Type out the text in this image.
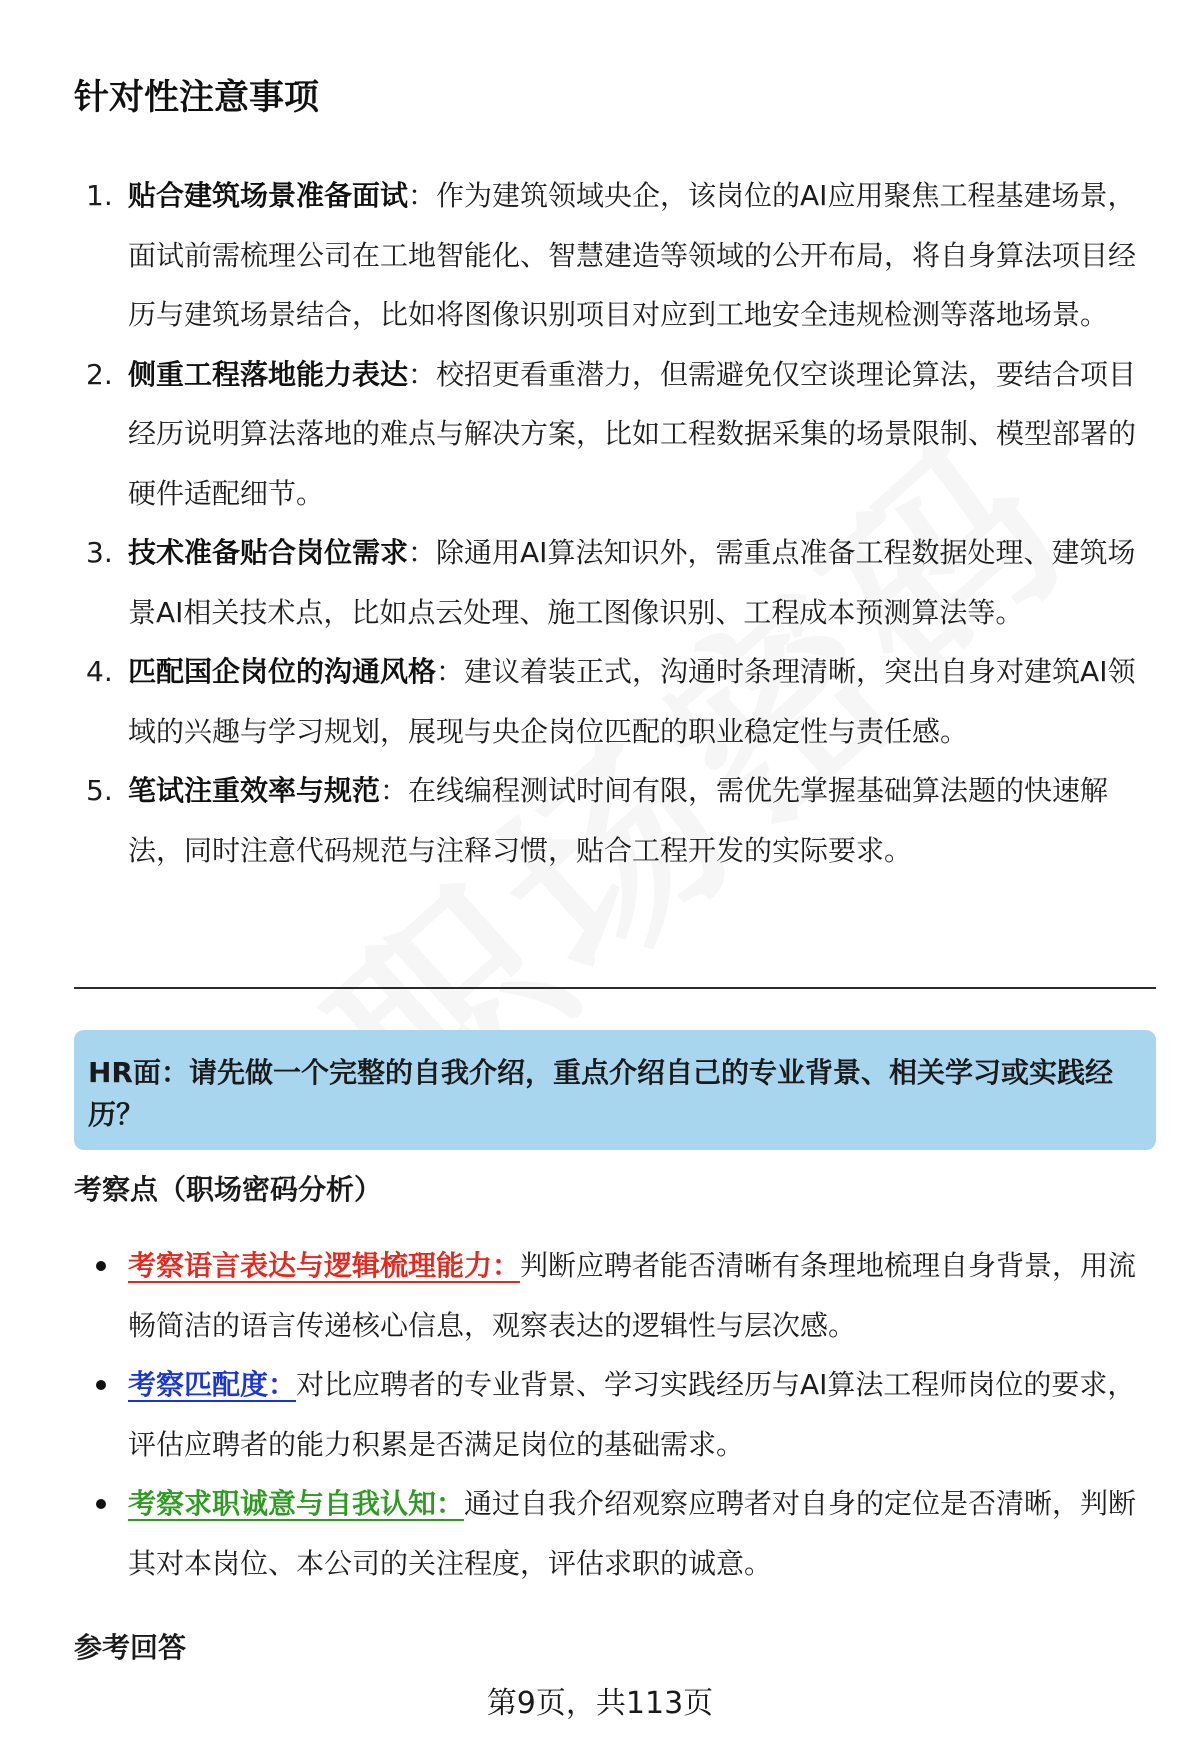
针对性注意事项
1. 贴合建筑场景准备面试：作为建筑领域央企，该岗位的AI应用聚焦工程基建场景，面试前需梳理公司在工地智能化、智慧建造等领域的公开布局，将自身算法项目经历与建筑场景结合，比如将图像识别项目对应到工地安全违规检测等落地场景。
2. 侧重工程落地能力表达：校招更看重潜力，但需避免仅空谈理论算法，要结合项目经历说明算法落地的难点与解决方案，比如工程数据采集的场景限制、模型部署的硬件适配细节。
3. 技术准备贴合岗位需求：除通用AI算法知识外，需重点准备工程数据处理、建筑场景AI相关技术点，比如点云处理、施工图像识别、工程成本预测算法等。
4. 匹配国企岗位的沟通风格：建议着装正式，沟通时条理清晰，突出自身对建筑AI领域的兴趣与学习规划，展现与央企岗位匹配的职业稳定性与责任感。
5. 笔试注重效率与规范：在线编程测试时间有限，需优先掌握基础算法题的快速解法，同时注意代码规范与注释习惯，贴合工程开发的实际要求。
HR面：请先做一个完整的自我介绍，重点介绍自己的专业背景、相关学习或实践经历？
考察点（职场密码分析）
考察语言表达与逻辑梳理能力：判断应聘者能否清晰有条理地梳理自身背景，用流畅简洁的语言传递核心信息，观察表达的逻辑性与层次感。
考察匹配度：对比应聘者的专业背景、学习实践经历与AI算法工程师岗位的要求，评估应聘者的能力积累是否满足岗位的基础需求。
考察求职诚意与自我认知：通过自我介绍观察应聘者对自身的定位是否清晰，判断其对本岗位、本公司的关注程度，评估求职的诚意。
参考回答
第9页，共113页
